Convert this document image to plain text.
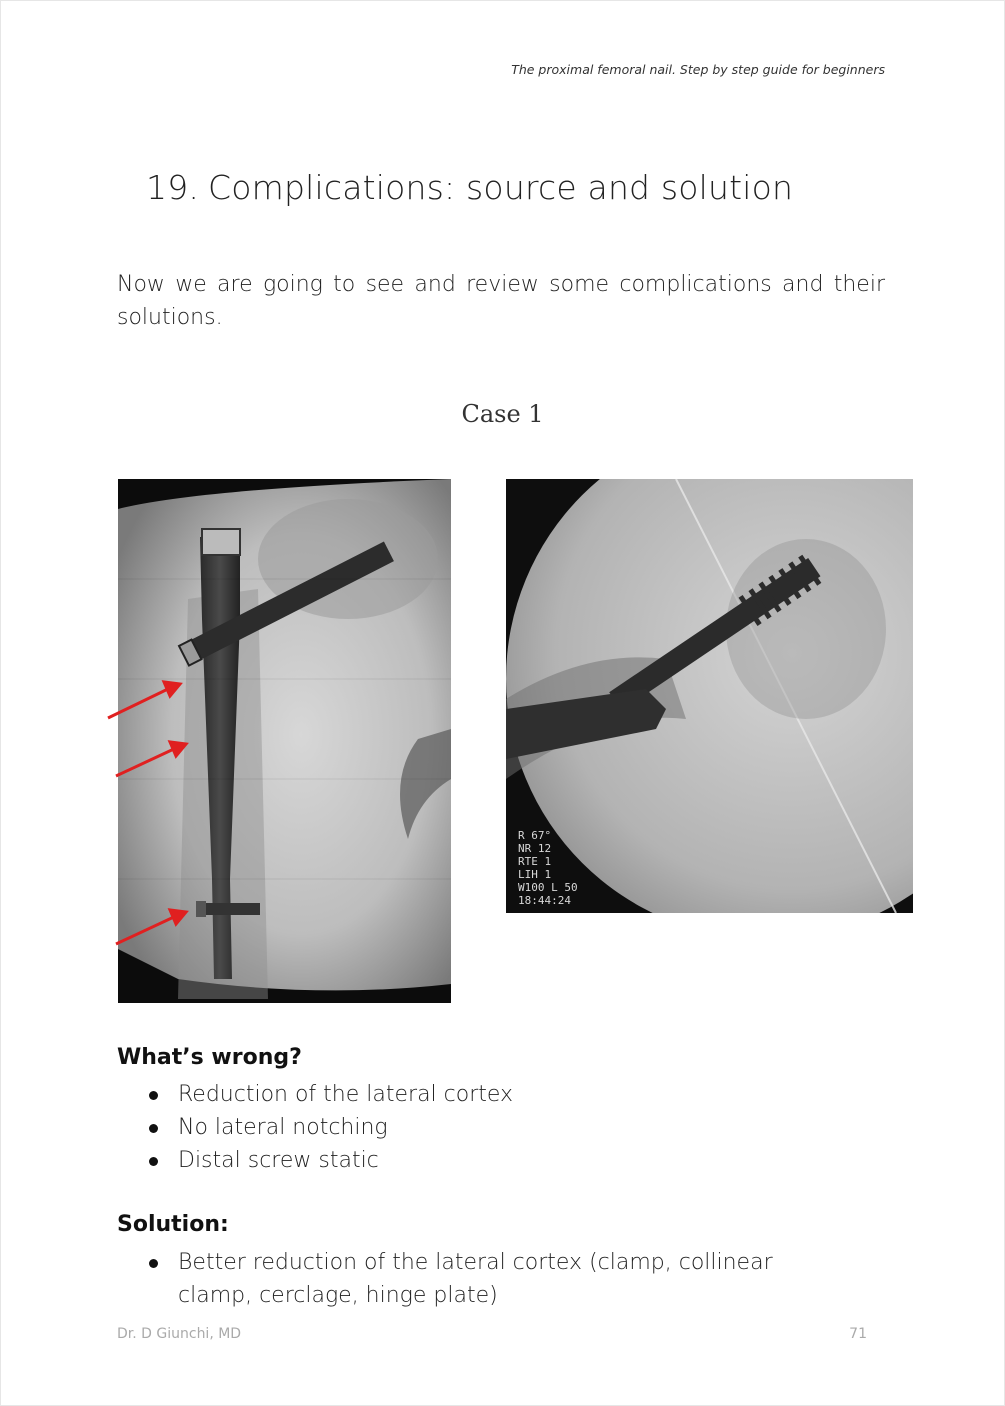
The proximal femoral nail. Step by step guide for beginners
19. Complications: source and solution
Now we are going to see and review some complications and their solutions.
Case 1
R 67°
NR 12
RTE 1
LIH 1
W100 L 50
18:44:24
What’s wrong?
Reduction of the lateral cortex
No lateral notching
Distal screw static
Solution:
Better reduction of the lateral cortex (clamp, collinear clamp, cerclage, hinge plate)
Dr. D Giunchi, MD	71
